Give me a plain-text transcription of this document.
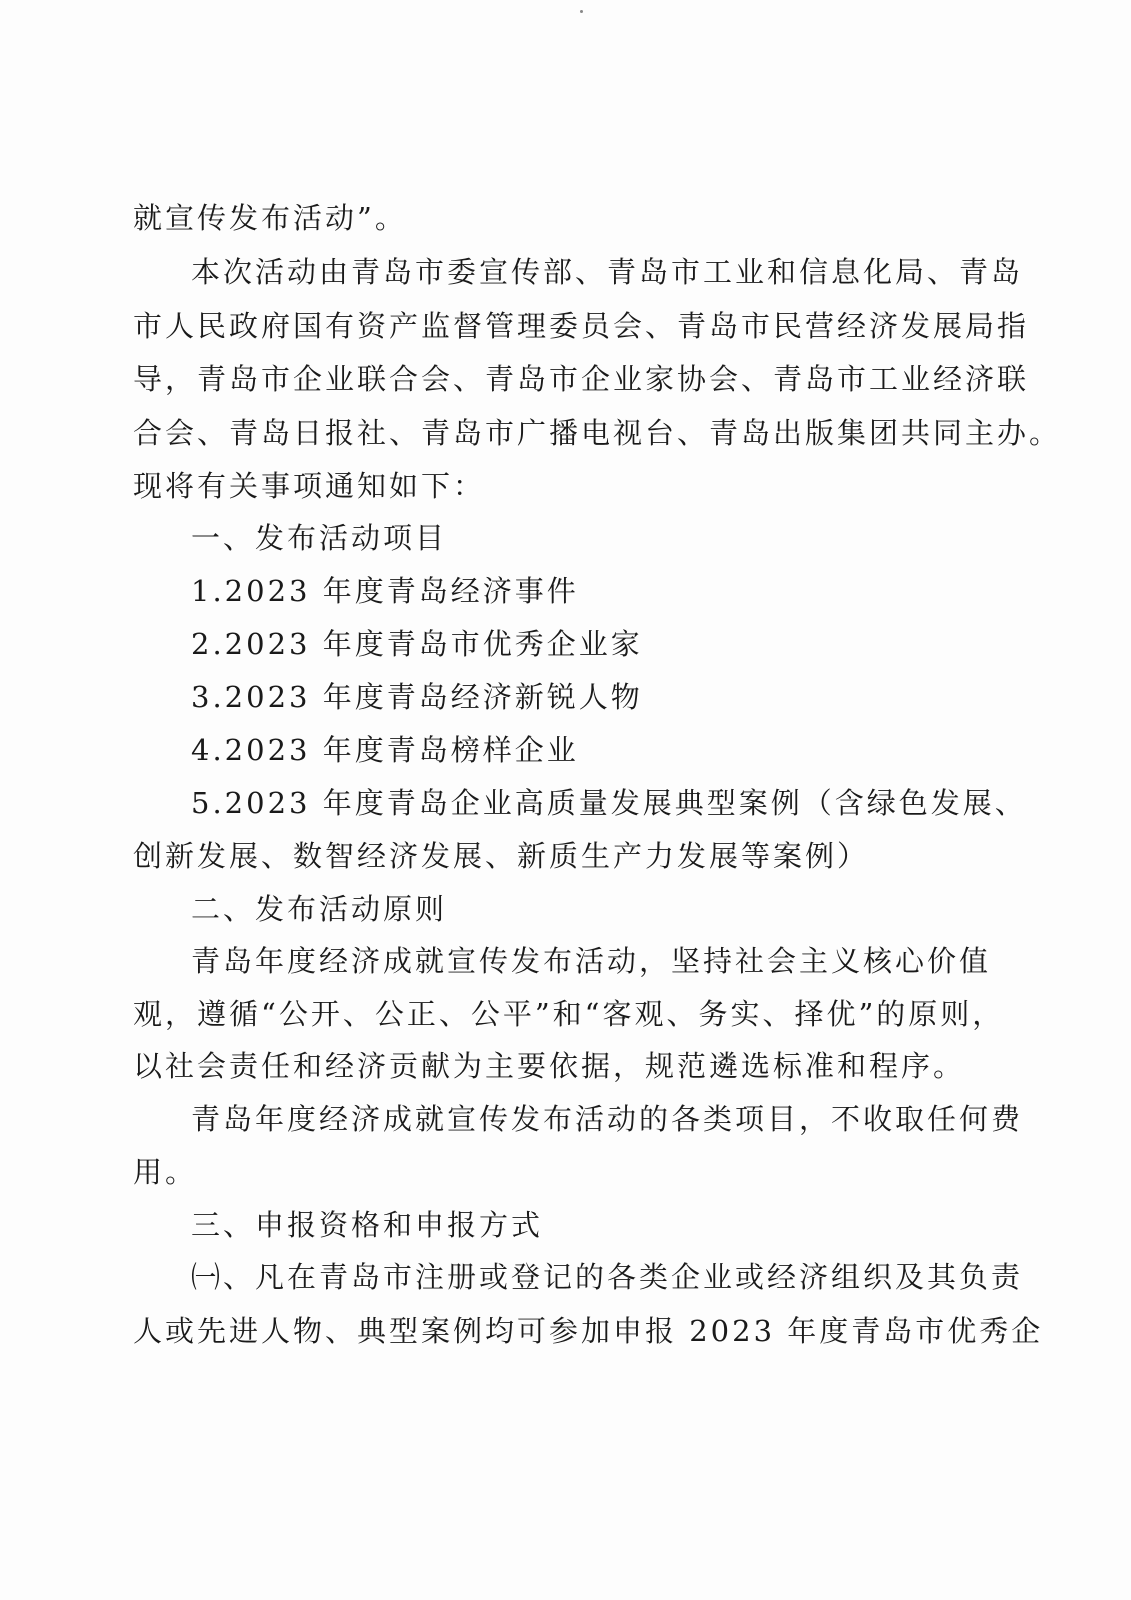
就宣传发布活动”。
本次活动由青岛市委宣传部、青岛市工业和信息化局、青岛
市人民政府国有资产监督管理委员会、青岛市民营经济发展局指
导，青岛市企业联合会、青岛市企业家协会、青岛市工业经济联
合会、青岛日报社、青岛市广播电视台、青岛出版集团共同主办。
现将有关事项通知如下：
一、发布活动项目
1.2023 年度青岛经济事件
2.2023 年度青岛市优秀企业家
3.2023 年度青岛经济新锐人物
4.2023 年度青岛榜样企业
5.2023 年度青岛企业高质量发展典型案例（含绿色发展、
创新发展、数智经济发展、新质生产力发展等案例）
二、发布活动原则
青岛年度经济成就宣传发布活动，坚持社会主义核心价值
观，遵循“公开、公正、公平”和“客观、务实、择优”的原则，
以社会责任和经济贡献为主要依据，规范遴选标准和程序。
青岛年度经济成就宣传发布活动的各类项目，不收取任何费
用。
三、申报资格和申报方式
㈠、凡在青岛市注册或登记的各类企业或经济组织及其负责
人或先进人物、典型案例均可参加申报 2023 年度青岛市优秀企
